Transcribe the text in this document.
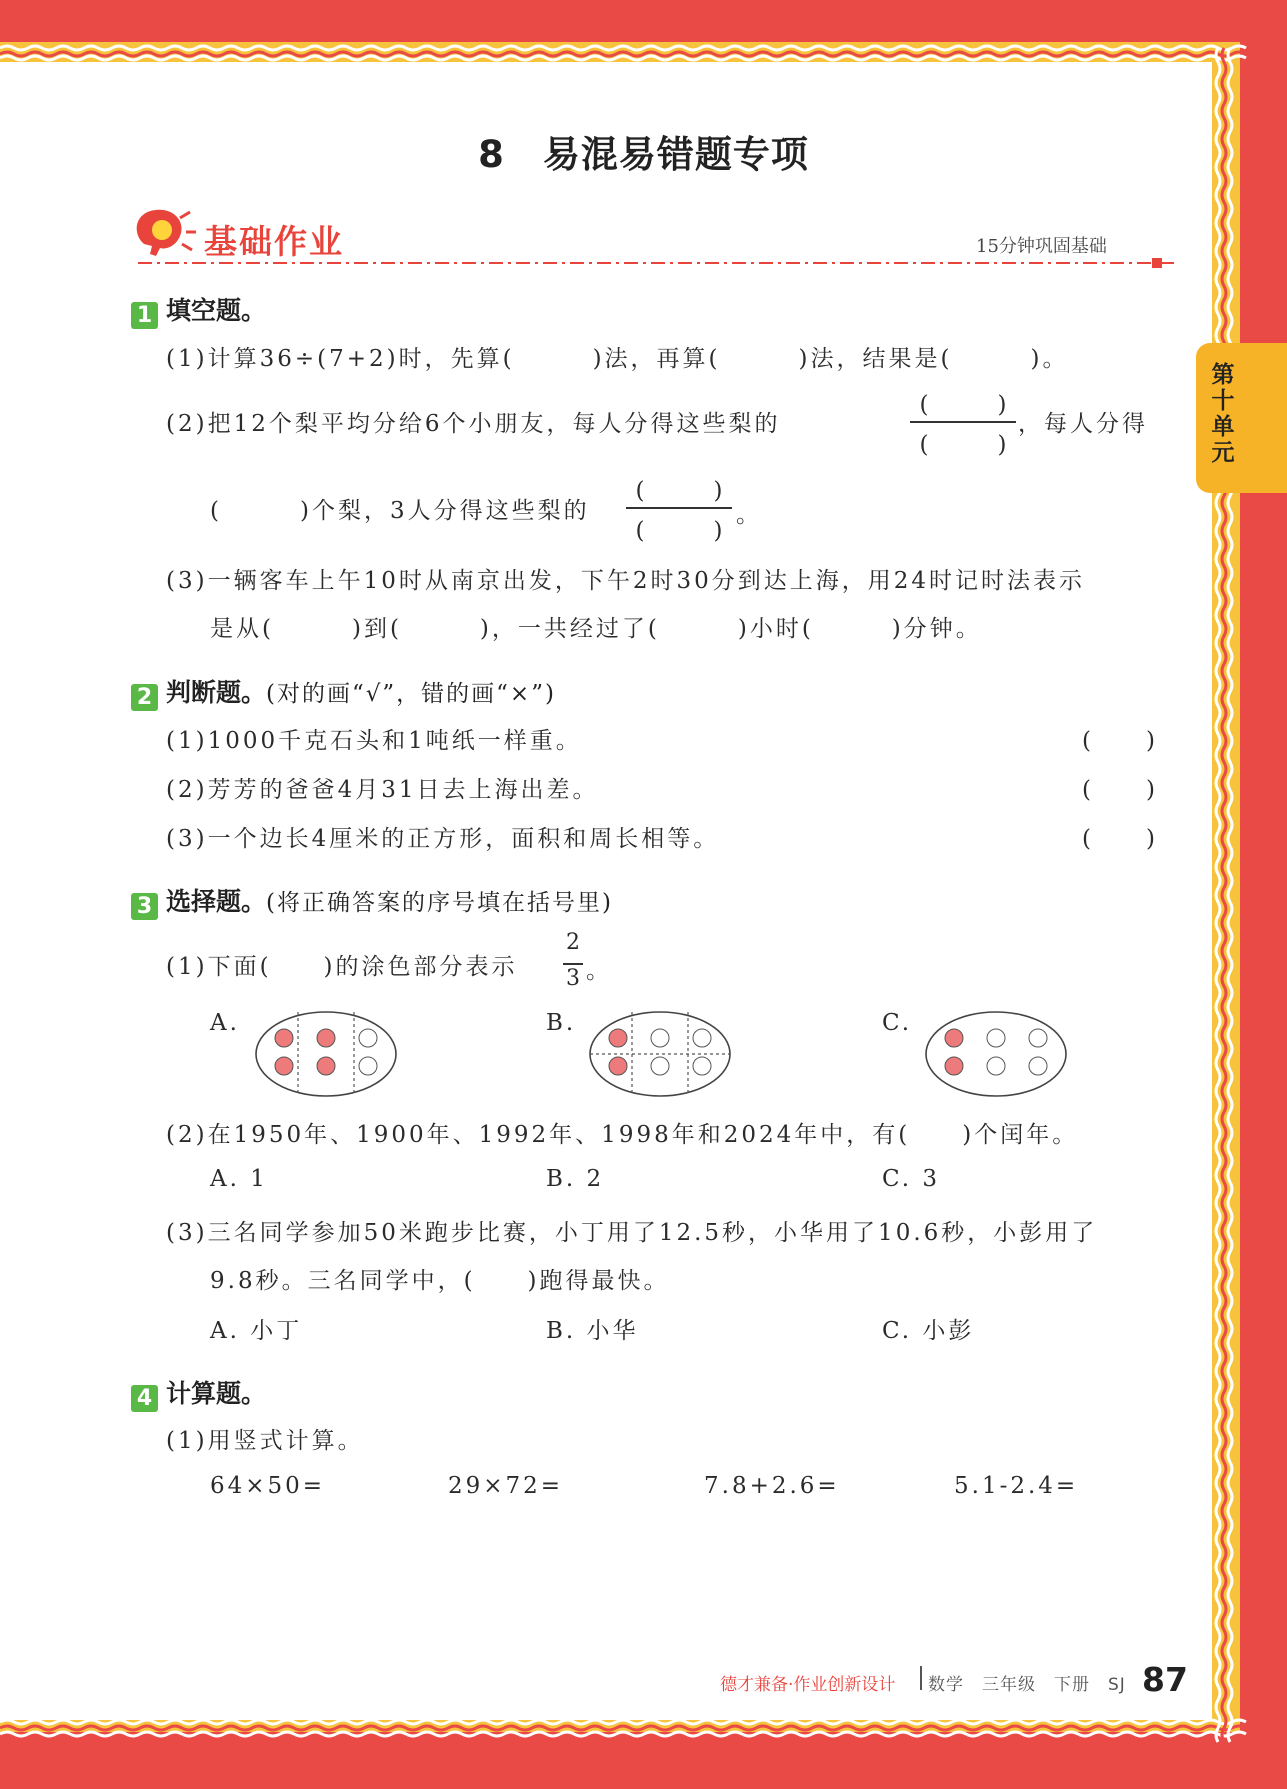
8　易混易错题专项
基础作业	15分钟巩固基础
第十单元
1 填空题。
(1)计算36÷(7+2)时，先算(　　　)法，再算(　　　)法，结果是(　　　)。
(2)把12个梨平均分给6个小朋友，每人分得这些梨的
(　　　)
(　　　)
，每人分得
(　　　)个梨，3人分得这些梨的
(　　　)
(　　　)
。
(3)一辆客车上午10时从南京出发，下午2时30分到达上海，用24时记时法表示
是从(　　　)到(　　　)，一共经过了(　　　)小时(　　　)分钟。
2 判断题。(对的画“√”，错的画“×”)
(1)1000千克石头和1吨纸一样重。	(　　)
(2)芳芳的爸爸4月31日去上海出差。	(　　)
(3)一个边长4厘米的正方形，面积和周长相等。	(　　)
3 选择题。(将正确答案的序号填在括号里)
(1)下面(　　)的涂色部分表示
2
3 。
A.	B.	C.
(2)在1950年、1900年、1992年、1998年和2024年中，有(　　)个闰年。
A. 1	B. 2	C. 3
(3)三名同学参加50米跑步比赛，小丁用了12.5秒，小华用了10.6秒，小彭用了
9.8秒。三名同学中，(　　)跑得最快。
A. 小丁	B. 小华	C. 小彭
4 计算题。
(1)用竖式计算。
64×50=	29×72=	7.8+2.6=	5.1-2.4=
德才兼备·作业创新设计 数学　三年级　下册　SJ 87
